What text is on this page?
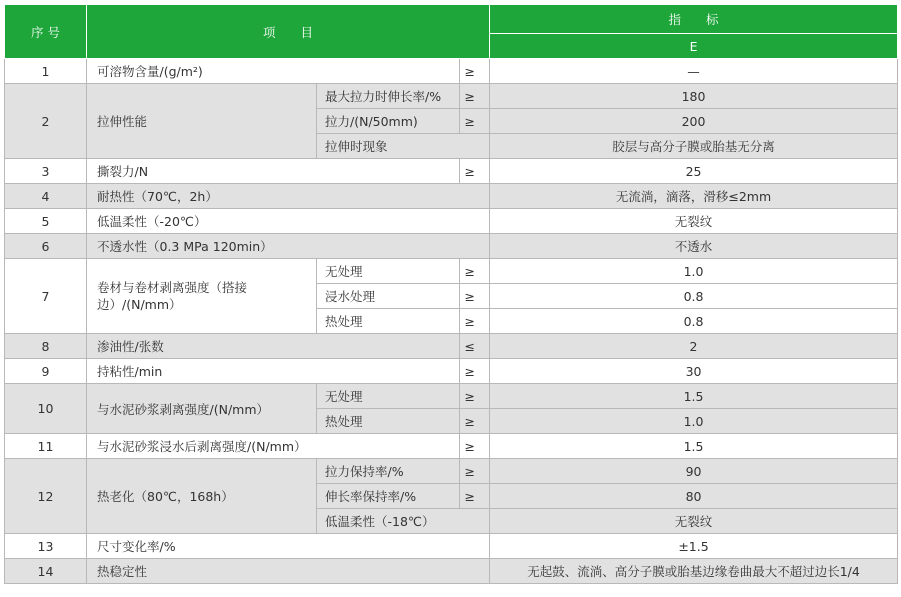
序 号	项　　目			指　　标
				E
1	可溶物含量/(g/m²)		≥	—
2	拉伸性能	最大拉力时伸长率/%	≥	180
		拉力/(N/50mm)	≥	200
		拉伸时现象		胶层与高分子膜或胎基无分离
3	撕裂力/N		≥	25
4	耐热性（70℃，2h）			无流淌，滴落，滑移≤2mm
5	低温柔性（-20℃）			无裂纹
6	不透水性（0.3 MPa 120min）			不透水
7	卷材与卷材剥离强度（搭接边）/(N/mm）	无处理	≥	1.0
		浸水处理	≥	0.8
		热处理	≥	0.8
8	渗油性/张数		≤	2
9	持粘性/min		≥	30
10	与水泥砂浆剥离强度/(N/mm）	无处理	≥	1.5
		热处理	≥	1.0
11	与水泥砂浆浸水后剥离强度/(N/mm）		≥	1.5
12	热老化（80℃，168h）	拉力保持率/%	≥	90
		伸长率保持率/%	≥	80
		低温柔性（-18℃）		无裂纹
13	尺寸变化率/%			±1.5
14	热稳定性			无起鼓、流淌、高分子膜或胎基边缘卷曲最大不超过边长1/4
